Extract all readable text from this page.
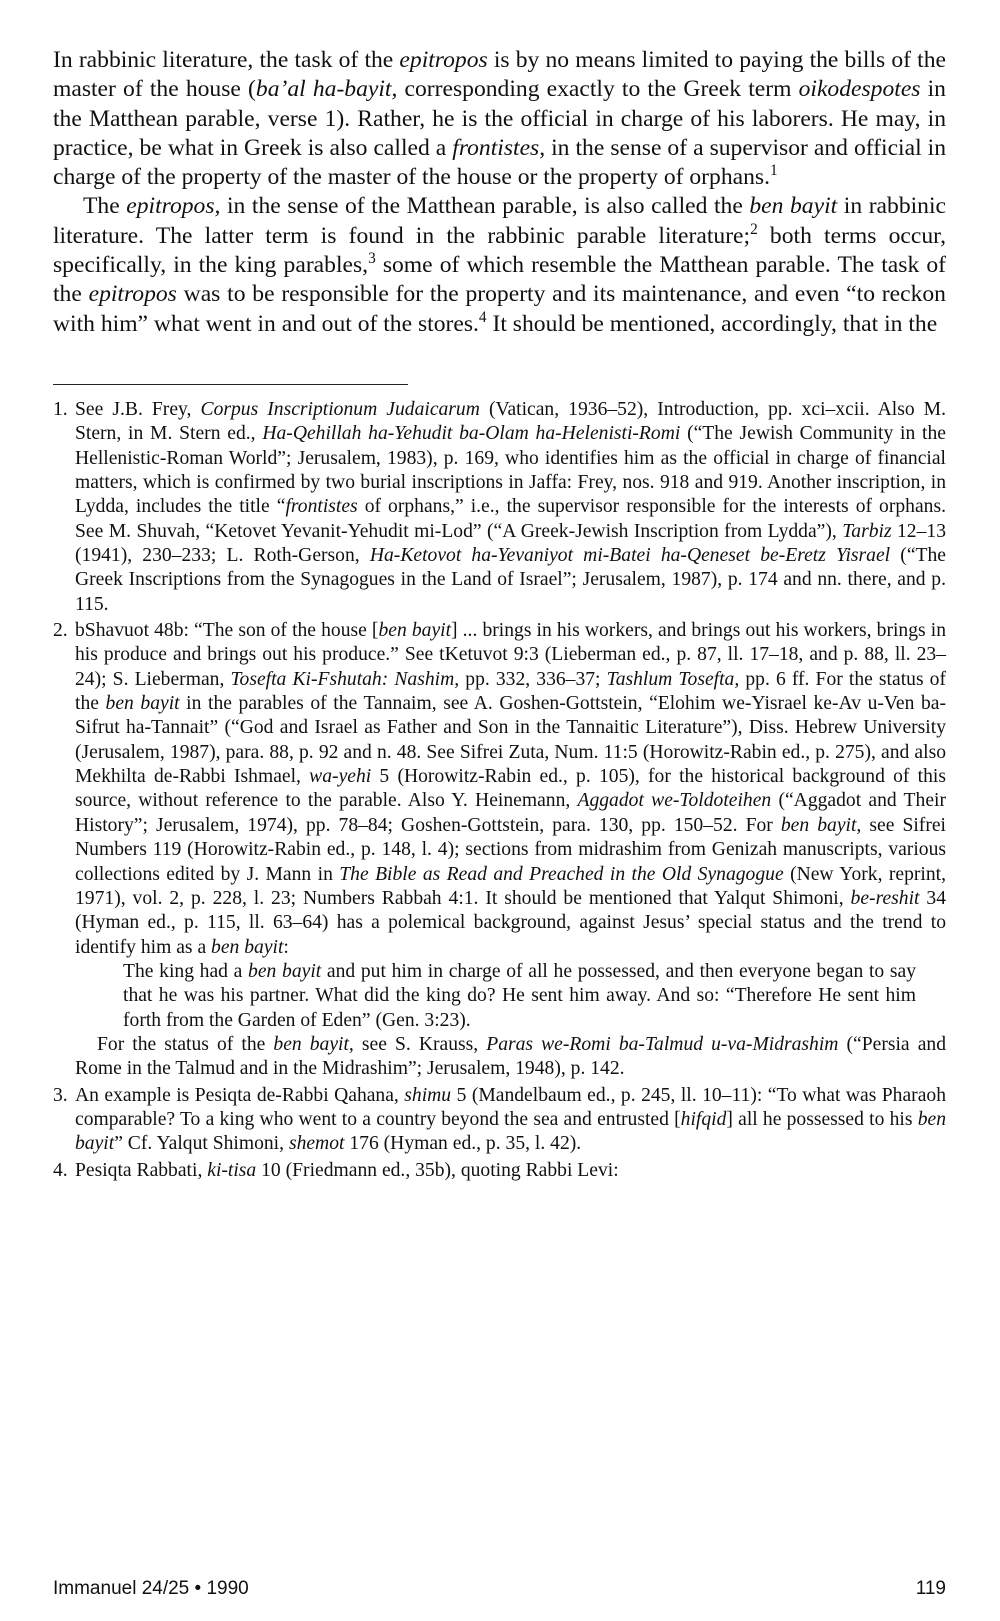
In rabbinic literature, the task of the epitropos is by no means limited to paying the bills of the master of the house (ba’al ha-bayit, corresponding exactly to the Greek term oikodespotes in the Matthean parable, verse 1). Rather, he is the official in charge of his laborers. He may, in practice, be what in Greek is also called a frontistes, in the sense of a supervisor and official in charge of the property of the master of the house or the property of orphans.$^1$

The epitropos, in the sense of the Matthean parable, is also called the ben bayit in rabbinic literature. The latter term is found in the rabbinic parable literature;$^2$ both terms occur, specifically, in the king parables,$^3$ some of which resemble the Matthean parable. The task of the epitropos was to be responsible for the property and its maintenance, and even “to reckon with him” what went in and out of the stores.$^4$ It should be mentioned, accordingly, that in the

1. See J.B. Frey, Corpus Inscriptionum Judaicarum (Vatican, 1936–52), Introduction, pp. xci–xcii. Also M. Stern, in M. Stern ed., Ha-Qehillah ha-Yehudit ba-Olam ha-Helenisti-Romi (“The Jewish Community in the Hellenistic-Roman World”; Jerusalem, 1983), p. 169, who identifies him as the official in charge of financial matters, which is confirmed by two burial inscriptions in Jaffa: Frey, nos. 918 and 919. Another inscription, in Lydda, includes the title “frontistes of orphans,” i.e., the supervisor responsible for the interests of orphans. See M. Shuvah, “Ketovet Yevanit-Yehudit mi-Lod” (“A Greek-Jewish Inscription from Lydda”), Tarbiz 12–13 (1941), 230–233; L. Roth-Gerson, Ha-Ketovot ha-Yevaniyot mi-Batei ha-Qeneset be-Eretz Yisrael (“The Greek Inscriptions from the Synagogues in the Land of Israel”; Jerusalem, 1987), p. 174 and nn. there, and p. 115.
2. bShavuot 48b: “The son of the house [ben bayit] ... brings in his workers, and brings out his workers, brings in his produce and brings out his produce.” See tKetuvot 9:3 (Lieberman ed., p. 87, ll. 17–18, and p. 88, ll. 23–24); S. Lieberman, Tosefta Ki-Fshutah: Nashim, pp. 332, 336–37; Tashlum Tosefta, pp. 6 ff. For the status of the ben bayit in the parables of the Tannaim, see A. Goshen-Gottstein, “Elohim we-Yisrael ke-Av u-Ven ba-Sifrut ha-Tannait” (“God and Israel as Father and Son in the Tannaitic Literature”), Diss. Hebrew University (Jerusalem, 1987), para. 88, p. 92 and n. 48. See Sifrei Zuta, Num. 11:5 (Horowitz-Rabin ed., p. 275), and also Mekhilta de-Rabbi Ishmael, wa-yehi 5 (Horowitz-Rabin ed., p. 105), for the historical background of this source, without reference to the parable. Also Y. Heinemann, Aggadot we-Toldoteihen (“Aggadot and Their History”; Jerusalem, 1974), pp. 78–84; Goshen-Gottstein, para. 130, pp. 150–52. For ben bayit, see Sifrei Numbers 119 (Horowitz-Rabin ed., p. 148, l. 4); sections from midrashim from Genizah manuscripts, various collections edited by J. Mann in The Bible as Read and Preached in the Old Synagogue (New York, reprint, 1971), vol. 2, p. 228, l. 23; Numbers Rabbah 4:1. It should be mentioned that Yalqut Shimoni, be-reshit 34 (Hyman ed., p. 115, ll. 63–64) has a polemical background, against Jesus’ special status and the trend to identify him as a ben bayit:

The king had a ben bayit and put him in charge of all he possessed, and then everyone began to say that he was his partner. What did the king do? He sent him away. And so: “Therefore He sent him forth from the Garden of Eden” (Gen. 3:23).

For the status of the ben bayit, see S. Krauss, Paras we-Romi ba-Talmud u-va-Midrashim (“Persia and Rome in the Talmud and in the Midrashim”; Jerusalem, 1948), p. 142.

3. An example is Pesiqta de-Rabbi Qahana, shimu 5 (Mandelbaum ed., p. 245, ll. 10–11): “To what was Pharaoh comparable? To a king who went to a country beyond the sea and entrusted [hifqid] all he possessed to his ben bayit” Cf. Yalqut Shimoni, shemot 176 (Hyman ed., p. 35, l. 42).
4. Pesiqta Rabbati, ki-tisa 10 (Friedmann ed., 35b), quoting Rabbi Levi:
Immanuel 24/25 • 1990	119
